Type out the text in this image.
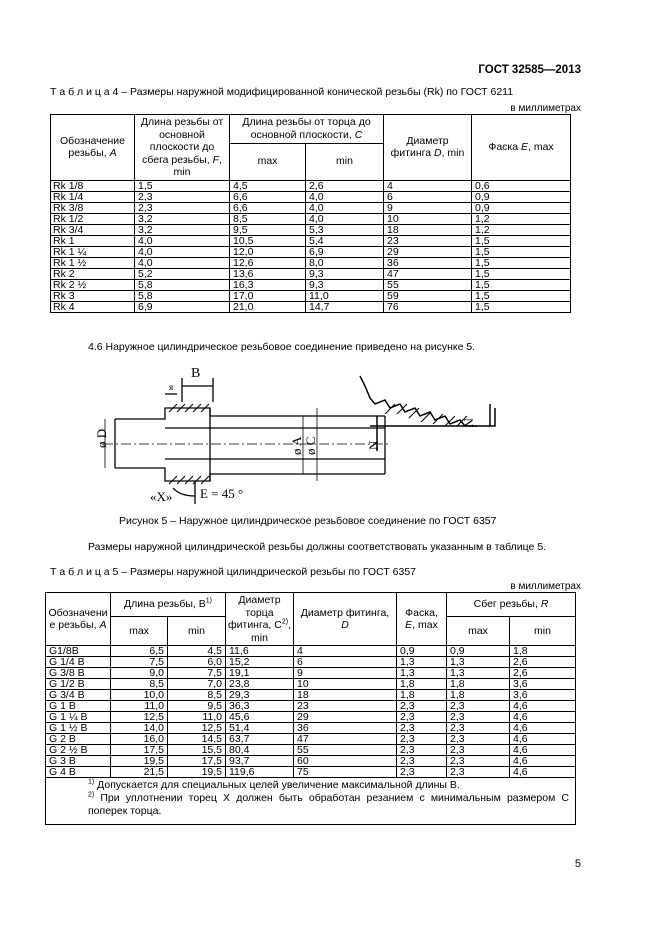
ГОСТ 32585—2013
Т а б л и ц а 4 – Размеры наружной модифицированной конической резьбы (Rk) по ГОСТ 6211
в миллиметрах
Обозначение резьбы, A	Длина резьбы от основной плоскости до сбега резьбы, F, min	Длина резьбы от торца до основной плоскости, C		Диаметр фитинга D, min	Фаска E, max
		max	min		
Rk 1/8	1,5	4,5	2,6	4	0,6
Rk 1/4	2,3	6,6	4,0	6	0,9
Rk 3/8	2,3	6,6	4,0	9	0,9
Rk 1/2	3,2	8,5	4,0	10	1,2
Rk 3/4	3,2	9,5	5,3	18	1,2
Rk 1	4,0	10,5	5,4	23	1,5
Rk 1 ¼	4,0	12,0	6,9	29	1,5
Rk 1 ½	4,0	12,6	8,0	36	1,5
Rk 2	5,2	13,6	9,3	47	1,5
Rk 2 ½	5,8	16,3	9,3	55	1,5
Rk 3	5,8	17,0	11,0	59	1,5
Rk 4	6,9	21,0	14,7	76	1,5
4.6 Наружное цилиндрическое резьбовое соединение приведено на рисунке 5.
B
я
ø D	ø A ø C
«X» E = 45 °
N
N
Рисунок 5 – Наружное цилиндрическое резьбовое соединение по ГОСТ 6357
Размеры наружной цилиндрической резьбы должны соответствовать указанным в таблице 5.
Т а б л и ц а 5 – Размеры наружной цилиндрической резьбы по ГОСТ 6357
в миллиметрах
Обозначени е резьбы, A	Длина резьбы, $B^{1)}$		Диаметр торца фитинга, $C^{2)}$, min	Диаметр фитинга, D	Фаска, E, max	Сбег резьбы, R	
	max	min				max	min
G1/8B	6,5	4,5	11,6	4	0,9	0,9	1,8
G 1/4 B	7,5	6,0	15,2	6	1,3	1,3	2,6
G 3/8 B	9,0	7,5	19,1	9	1,3	1,3	2,6
G 1/2 B	8,5	7,0	23,8	10	1,8	1,8	3,6
G 3/4 B	10,0	8,5	29,3	18	1,8	1,8	3,6
G 1 B	11,0	9,5	36,3	23	2,3	2,3	4,6
G 1 ¼ B	12,5	11,0	45,6	29	2,3	2,3	4,6
G 1 ½ B	14,0	12,5	51,4	36	2,3	2,3	4,6
G 2 B	16,0	14,5	63,7	47	2,3	2,3	4,6
G 2 ½ B	17,5	15,5	80,4	55	2,3	2,3	4,6
G 3 B	19,5	17,5	93,7	60	2,3	2,3	4,6
G 4 B	21,5	19,5	119,6	75	2,3	2,3	4,6

$^{1)}$ Допускается для специальных целей увеличение максимальной длины B.
$^{2)}$ При уплотнении торец X должен быть обработан резанием с минимальным размером С поперек торца.							
5
